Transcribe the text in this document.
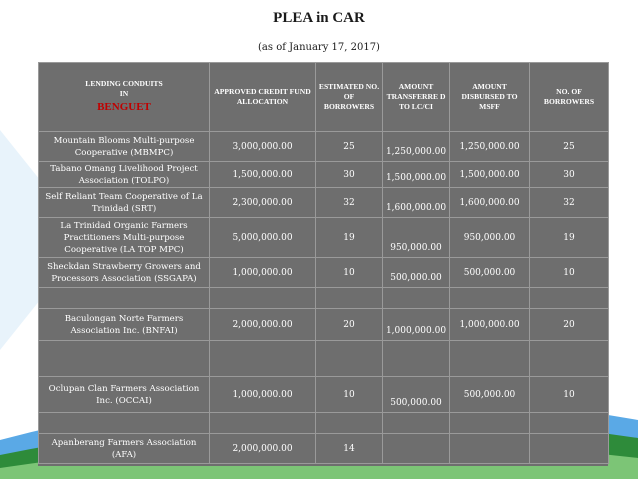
PLEA in CAR
(as of January 17, 2017)
LENDING CONDUITS
IN
BENGUET	APPROVED CREDIT FUND ALLOCATION	ESTIMATED NO. OF BORROWERS	AMOUNT TRANSFERRE D TO LC/CI	AMOUNT DISBURSED TO MSFF	NO. OF BORROWERS
Mountain Blooms Multi-purpose Cooperative (MBMPC)	3,000,000.00	25	1,250,000.00	1,250,000.00	25
Tabano Omang Livelihood Project Association (TOLPO)	1,500,000.00	30	1,500,000.00	1,500,000.00	30
Self Reliant Team Cooperative of La Trinidad (SRT)	2,300,000.00	32	1,600,000.00	1,600,000.00	32
La Trinidad Organic Farmers Practitioners Multi-purpose Cooperative (LA TOP MPC)	5,000,000.00	19	950,000.00	950,000.00	19
Sheckdan Strawberry Growers and Processors Association (SSGAPA)	1,000,000.00	10	500,000.00	500,000.00	10

Baculongan Norte Farmers Association Inc. (BNFAI)	2,000,000.00	20	1,000,000.00	1,000,000.00	20

Oclupan Clan Farmers Association Inc. (OCCAI)	1,000,000.00	10	500,000.00	500,000.00	10

Apanberang Farmers Association (AFA)	2,000,000.00	14			
